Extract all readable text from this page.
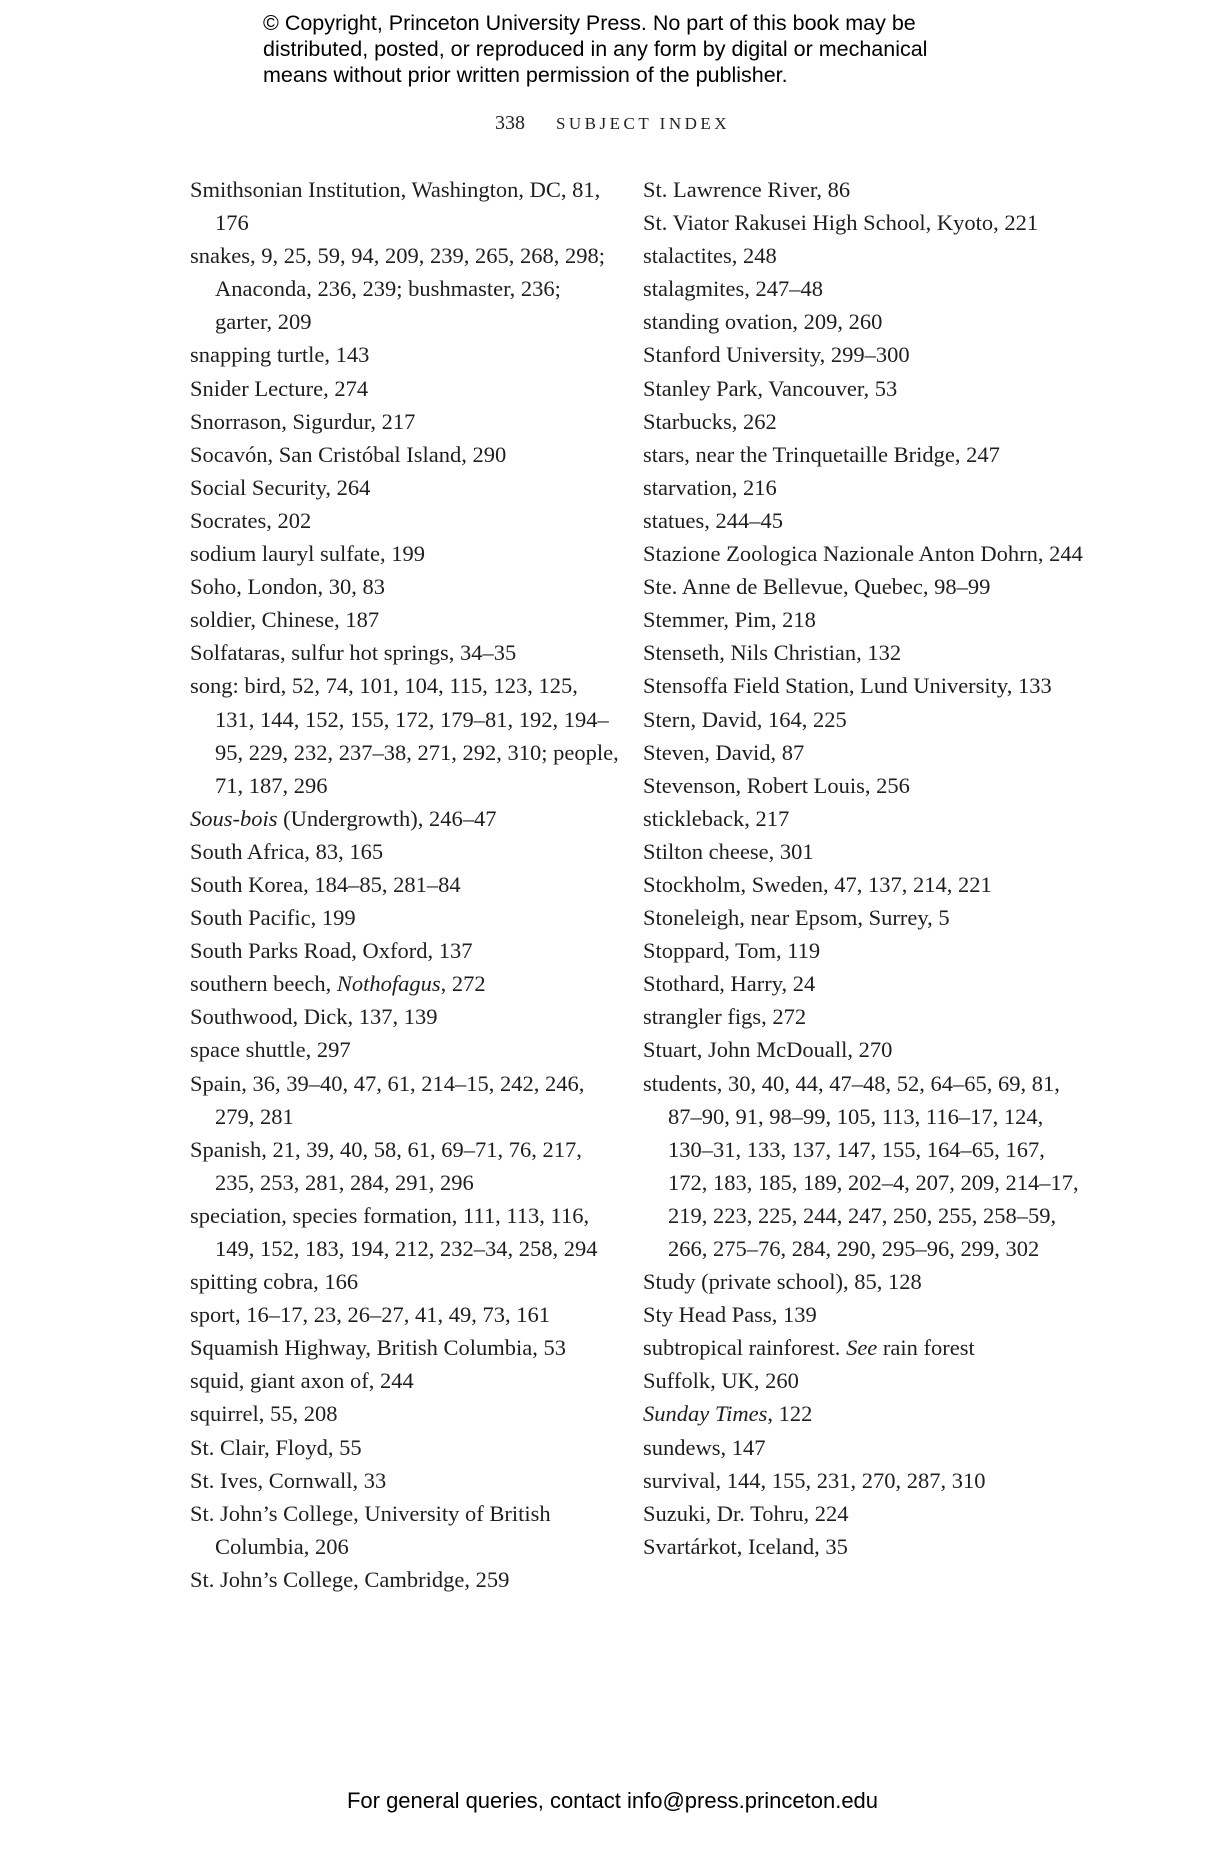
© Copyright, Princeton University Press. No part of this book may be
distributed, posted, or reproduced in any form by digital or mechanical
means without prior written permission of the publisher.
338 SUBJECT INDEX
Smithsonian Institution, Washington, DC, 81, 176
snakes, 9, 25, 59, 94, 209, 239, 265, 268, 298; Anaconda, 236, 239; bushmaster, 236; garter, 209
snapping turtle, 143
Snider Lecture, 274
Snorrason, Sigurdur, 217
Socavón, San Cristóbal Island, 290
Social Security, 264
Socrates, 202
sodium lauryl sulfate, 199
Soho, London, 30, 83
soldier, Chinese, 187
Solfataras, sulfur hot springs, 34–35
song: bird, 52, 74, 101, 104, 115, 123, 125, 131, 144, 152, 155, 172, 179–81, 192, 194–95, 229, 232, 237–38, 271, 292, 310; people, 71, 187, 296
Sous-bois (Undergrowth), 246–47
South Africa, 83, 165
South Korea, 184–85, 281–84
South Pacific, 199
South Parks Road, Oxford, 137
southern beech, Nothofagus, 272
Southwood, Dick, 137, 139
space shuttle, 297
Spain, 36, 39–40, 47, 61, 214–15, 242, 246, 279, 281
Spanish, 21, 39, 40, 58, 61, 69–71, 76, 217, 235, 253, 281, 284, 291, 296
speciation, species formation, 111, 113, 116, 149, 152, 183, 194, 212, 232–34, 258, 294
spitting cobra, 166
sport, 16–17, 23, 26–27, 41, 49, 73, 161
Squamish Highway, British Columbia, 53
squid, giant axon of, 244
squirrel, 55, 208
St. Clair, Floyd, 55
St. Ives, Cornwall, 33
St. John’s College, University of British Columbia, 206
St. John’s College, Cambridge, 259
St. Lawrence River, 86
St. Viator Rakusei High School, Kyoto, 221
stalactites, 248
stalagmites, 247–48
standing ovation, 209, 260
Stanford University, 299–300
Stanley Park, Vancouver, 53
Starbucks, 262
stars, near the Trinquetaille Bridge, 247
starvation, 216
statues, 244–45
Stazione Zoologica Nazionale Anton Dohrn, 244
Ste. Anne de Bellevue, Quebec, 98–99
Stemmer, Pim, 218
Stenseth, Nils Christian, 132
Stensoffa Field Station, Lund University, 133
Stern, David, 164, 225
Steven, David, 87
Stevenson, Robert Louis, 256
stickleback, 217
Stilton cheese, 301
Stockholm, Sweden, 47, 137, 214, 221
Stoneleigh, near Epsom, Surrey, 5
Stoppard, Tom, 119
Stothard, Harry, 24
strangler figs, 272
Stuart, John McDouall, 270
students, 30, 40, 44, 47–48, 52, 64–65, 69, 81, 87–90, 91, 98–99, 105, 113, 116–17, 124, 130–31, 133, 137, 147, 155, 164–65, 167, 172, 183, 185, 189, 202–4, 207, 209, 214–17, 219, 223, 225, 244, 247, 250, 255, 258–59, 266, 275–76, 284, 290, 295–96, 299, 302
Study (private school), 85, 128
Sty Head Pass, 139
subtropical rainforest. See rain forest
Suffolk, UK, 260
Sunday Times, 122
sundews, 147
survival, 144, 155, 231, 270, 287, 310
Suzuki, Dr. Tohru, 224
Svartárkot, Iceland, 35
For general queries, contact info@press.princeton.edu
